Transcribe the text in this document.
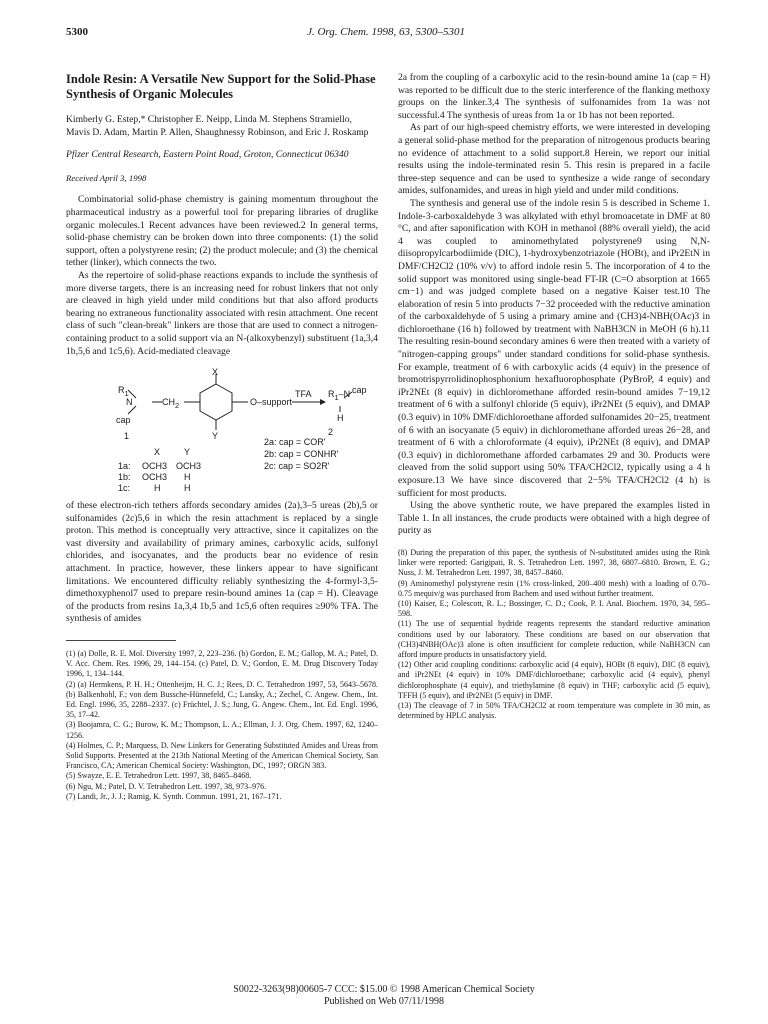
5300	J. Org. Chem. 1998, 63, 5300–5301
Indole Resin: A Versatile New Support for the Solid-Phase Synthesis of Organic Molecules
Kimberly G. Estep,* Christopher E. Neipp, Linda M. Stephens Stramiello, Mavis D. Adam, Martin P. Allen, Shaughnessy Robinson, and Eric J. Roskamp
Pfizer Central Research, Eastern Point Road, Groton, Connecticut 06340
Received April 3, 1998

Combinatorial solid-phase chemistry is gaining momentum throughout the pharmaceutical industry as a powerful tool for preparing libraries of druglike organic molecules.1 Recent advances have been reviewed.2 In general terms, solid-phase chemistry can be broken down into three components: (1) the solid support, often a polystyrene resin; (2) the product molecule; and (3) the chemical tether (linker), which connects the two.

As the repertoire of solid-phase reactions expands to include the synthesis of more diverse targets, there is an increasing need for robust linkers that not only are cleaved in high yield under mild conditions but that also afford products bearing no extraneous functionality associated with resin attachment. One recent class of such "clean-break" linkers are those that are used to connect a nitrogen-containing product to a solid support via an N-(alkoxybenzyl) substituent (1a,3,4 1b,5,6 and 1c5,6). Acid-mediated cleavage

X
Y
$R_1$
N	$CH_2$
cap
O–support
TFA $R_1-N$ cap
H
1	2
2a: cap = COR'
2b: cap = CONHR'
2c: cap = SO2R'
X	Y
1a: OCH3 OCH3
1b: OCH3 H
1c:	H	H

of these electron-rich tethers affords secondary amides (2a),3–5 ureas (2b),5 or sulfonamides (2c)5,6 in which the resin attachment is replaced by a single proton. This method is conceptually very attractive, since it capitalizes on the vast diversity and availability of primary amines, carboxylic acids, sulfonyl chlorides, and isocyanates, and the products bear no evidence of resin attachment. In practice, however, these linkers appear to have significant limitations. We encountered difficulty reliably synthesizing the 4-formyl-3,5-dimethoxyphenol7 used to prepare resin-bound amines 1a (cap = H). Cleavage of the products from resins 1a,3,4 1b,5 and 1c5,6 often requires ≥90% TFA. The synthesis of amides

(1) (a) Dolle, R. E. Mol. Diversity 1997, 2, 223–236. (b) Gordon, E. M.; Gallop, M. A.; Patel, D. V. Acc. Chem. Res. 1996, 29, 144–154. (c) Patel, D. V.; Gordon, E. M. Drug Discovery Today 1996, 1, 134–144.

(2) (a) Hermkens, P. H. H.; Ottenheijm, H. C. J.; Rees, D. C. Tetrahedron 1997, 53, 5643–5678. (b) Balkenhohl, F.; von dem Bussche-Hünnefeld, C.; Lansky, A.; Zechel, C. Angew. Chem., Int. Ed. Engl. 1996, 35, 2288–2337. (c) Früchtel, J. S.; Jung, G. Angew. Chem., Int. Ed. Engl. 1996, 35, 17–42.

(3) Boojamra, C. G.; Burow, K. M.; Thompson, L. A.; Ellman, J. J. Org. Chem. 1997, 62, 1240–1256.

(4) Holmes, C. P.; Marquess, D. New Linkers for Generating Substituted Amides and Ureas from Solid Supports. Presented at the 213th National Meeting of the American Chemical Society, San Francisco, CA; American Chemical Society: Washington, DC, 1997; ORGN 383.

(5) Swayze, E. E. Tetrahedron Lett. 1997, 38, 8465–8468.

(6) Ngu, M.; Patel, D. V. Tetrahedron Lett. 1997, 38, 973–976.

(7) Landi, Jr., J. J.; Ramig, K. Synth. Commun. 1991, 21, 167–171.

2a from the coupling of a carboxylic acid to the resin-bound amine 1a (cap = H) was reported to be difficult due to the steric interference of the flanking methoxy groups on the linker.3,4 The synthesis of sulfonamides from 1a was not successful.4 The synthesis of ureas from 1a or 1b has not been reported.

As part of our high-speed chemistry efforts, we were interested in developing a general solid-phase method for the preparation of nitrogenous products bearing no evidence of attachment to a solid support.8 Herein, we report our initial results using the indole-terminated resin 5. This resin is prepared in a facile three-step sequence and can be used to synthesize a wide range of secondary amides, sulfonamides, and ureas in high yield and under mild conditions.

The synthesis and general use of the indole resin 5 is described in Scheme 1. Indole-3-carboxaldehyde 3 was alkylated with ethyl bromoacetate in DMF at 80 °C, and after saponification with KOH in methanol (88% overall yield), the acid 4 was coupled to aminomethylated polystyrene9 using N,N-diisopropylcarbodiimide (DIC), 1-hydroxybenzotriazole (HOBt), and iPr2EtN in DMF/CH2Cl2 (10% v/v) to afford indole resin 5. The incorporation of 4 to the solid support was monitored using single-bead FT-IR (C=O absorption at 1665 cm−1) and was judged complete based on a negative Kaiser test.10 The elaboration of resin 5 into products 7−32 proceeded with the reductive amination of the carboxaldehyde of 5 using a primary amine and (CH3)4-NBH(OAc)3 in dichloroethane (16 h) followed by treatment with NaBH3CN in MeOH (6 h).11 The resulting resin-bound secondary amines 6 were then treated with a variety of "nitrogen-capping groups" under standard conditions for solid-phase synthesis. For example, treatment of 6 with carboxylic acids (4 equiv) in the presence of bromotrispyrrolidinophosphonium hexafluorophosphate (PyBroP, 4 equiv) and iPr2NEt (8 equiv) in dichloromethane afforded resin-bound amides 7−19,12 treatment of 6 with a sulfonyl chloride (5 equiv), iPr2NEt (5 equiv), and DMAP (0.3 equiv) in 10% DMF/dichloroethane afforded sulfonamides 20−25, treatment of 6 with an isocyanate (5 equiv) in dichloromethane afforded ureas 26−28, and treatment of 6 with a chloroformate (4 equiv), iPr2NEt (8 equiv), and DMAP (0.3 equiv) in dichloromethane afforded carbamates 29 and 30. Products were cleaved from the solid support using 50% TFA/CH2Cl2, typically using a 4 h exposure.13 We have since discovered that 2−5% TFA/CH2Cl2 (4 h) is sufficient for most products.

Using the above synthetic route, we have prepared the examples listed in Table 1. In all instances, the crude products were obtained with a high degree of purity as

(8) During the preparation of this paper, the synthesis of N-substituted amides using the Rink linker were reported: Garigipati, R. S. Tetrahedron Lett. 1997, 38, 6807–6810. Brown, E. G.; Nuss, J. M. Tetrahedron Lett. 1997, 38, 8457–8460.

(9) Aminomethyl polystyrene resin (1% cross-linked, 200–400 mesh) with a loading of 0.70–0.75 mequiv/g was purchased from Bachem and used without further treatment.

(10) Kaiser, E.; Colescott, R. L.; Bossinger, C. D.; Cook, P. I. Anal. Biochem. 1970, 34, 595–598.

(11) The use of sequential hydride reagents represents the standard reductive amination conditions used by our laboratory. These conditions are based on our observation that (CH3)4NBH(OAc)3 alone is often insufficient for complete reduction, while NaBH3CN can afford impure products in unsatisfactory yield.

(12) Other acid coupling conditions: carboxylic acid (4 equiv), HOBt (8 equiv), DIC (8 equiv), and iPr2NEt (4 equiv) in 10% DMF/dichloroethane; carboxylic acid (4 equiv), phenyl dichlorophosphate (4 equiv), and triethylamine (8 equiv) in THF; carboxylic acid (5 equiv), TFFH (5 equiv), and iPr2NEt (5 equiv) in DMF.

(13) The cleavage of 7 in 50% TFA/CH2Cl2 at room temperature was complete in 30 min, as determined by HPLC analysis.

S0022-3263(98)00605-7 CCC: $15.00 © 1998 American Chemical Society
Published on Web 07/11/1998
